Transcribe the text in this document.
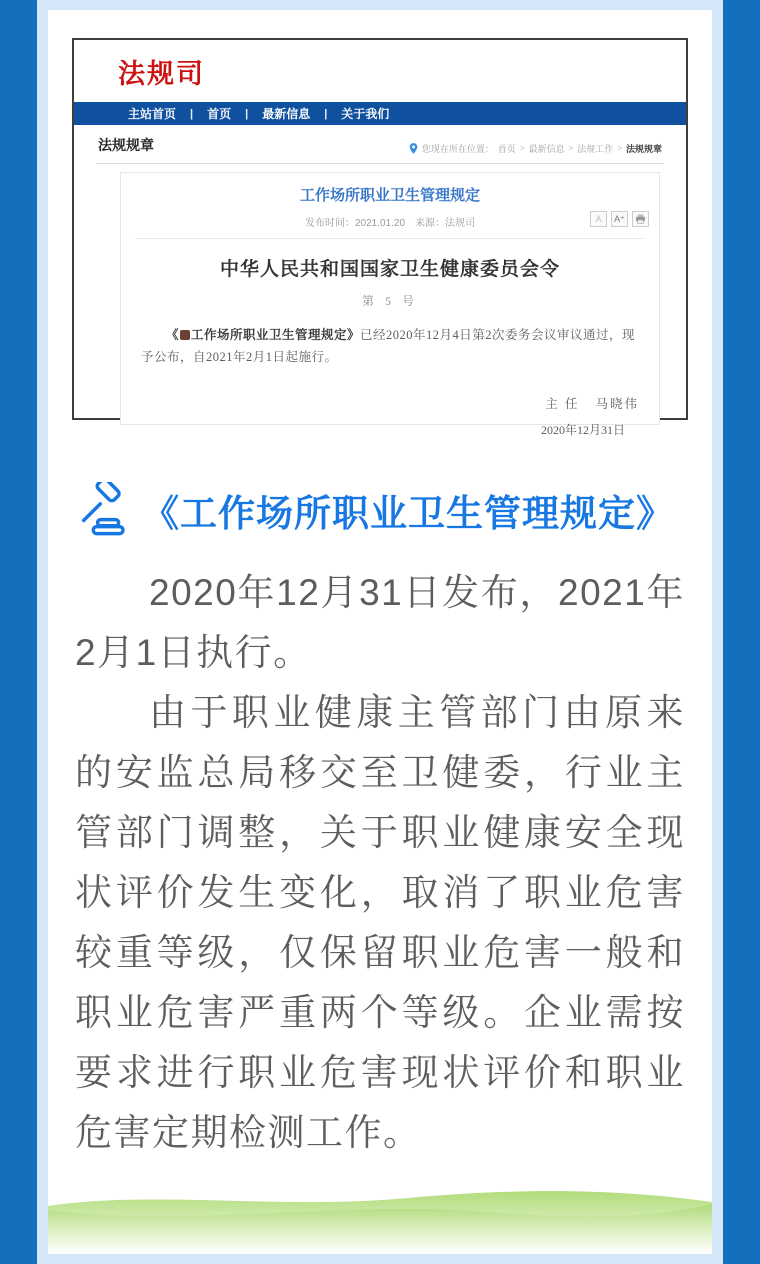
法规司
主站首页 | 首页 | 最新信息 | 关于我们
法规规章	您现在所在位置： 首页 > 最新信息 > 法规工作 > 法规规章
工作场所职业卫生管理规定
发布时间：2021.01.20　来源：法规司	A	A⁺
中华人民共和国国家卫生健康委员会令
第 5 号

《 工作场所职业卫生管理规定》已经2020年12月4日第2次委务会议审议通过，现予公布，自2021年2月1日起施行。

主 任 马晓伟
2020年12月31日
《工作场所职业卫生管理规定》

2020年12月31日发布，2021年2月1日执行。

由于职业健康主管部门由原来的安监总局移交至卫健委，行业主管部门调整，关于职业健康安全现状评价发生变化，取消了职业危害较重等级，仅保留职业危害一般和职业危害严重两个等级。企业需按要求进行职业危害现状评价和职业危害定期检测工作。
